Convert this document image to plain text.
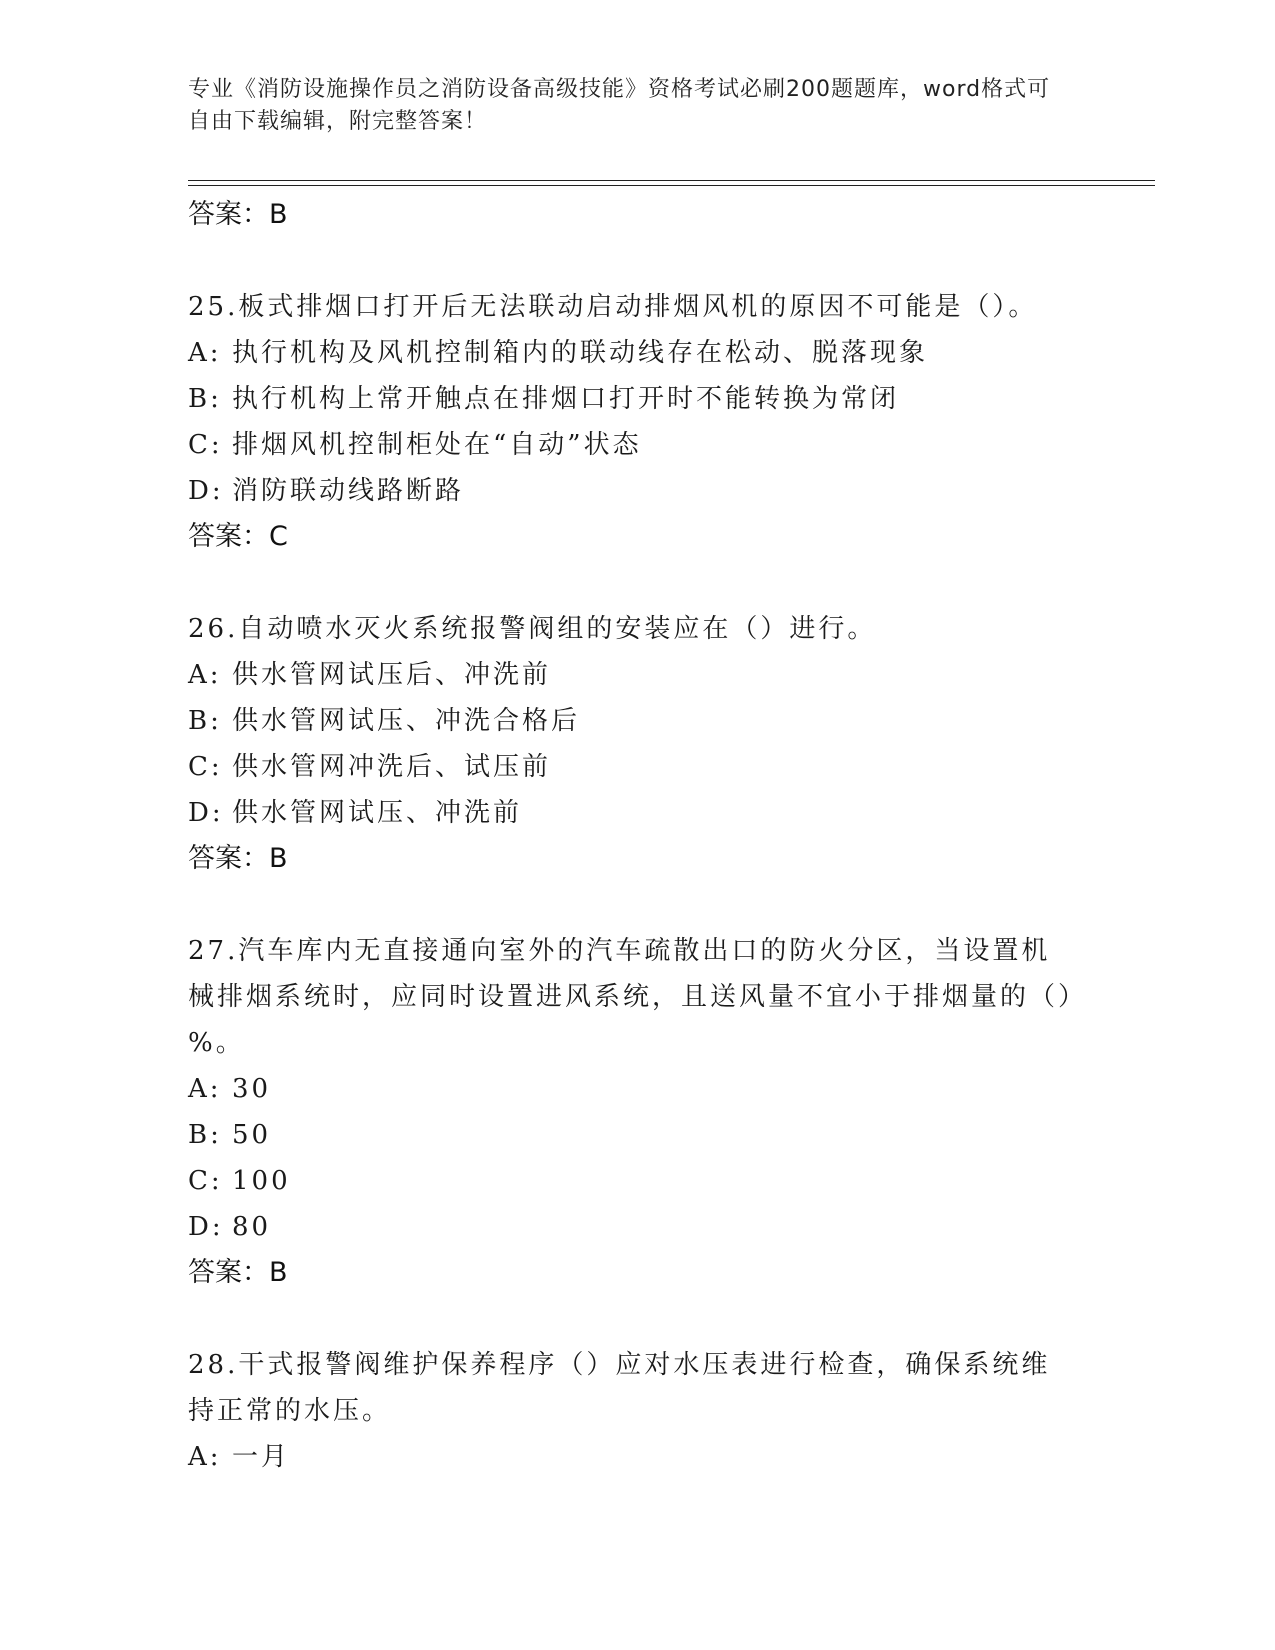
专业《消防设施操作员之消防设备高级技能》资格考试必刷200题题库，word格式可自由下载编辑，附完整答案！
答案：B
25.板式排烟口打开后无法联动启动排烟风机的原因不可能是（）。
A: 执行机构及风机控制箱内的联动线存在松动、脱落现象
B: 执行机构上常开触点在排烟口打开时不能转换为常闭
C: 排烟风机控制柜处在“自动”状态
D: 消防联动线路断路
答案：C
26.自动喷水灭火系统报警阀组的安装应在（）进行。
A: 供水管网试压后、冲洗前
B: 供水管网试压、冲洗合格后
C: 供水管网冲洗后、试压前
D: 供水管网试压、冲洗前
答案：B
27.汽车库内无直接通向室外的汽车疏散出口的防火分区，当设置机械排烟系统时，应同时设置进风系统，且送风量不宜小于排烟量的（）%。
A: 30
B: 50
C: 100
D: 80
答案：B
28.干式报警阀维护保养程序（）应对水压表进行检查，确保系统维持正常的水压。
A: 一月
